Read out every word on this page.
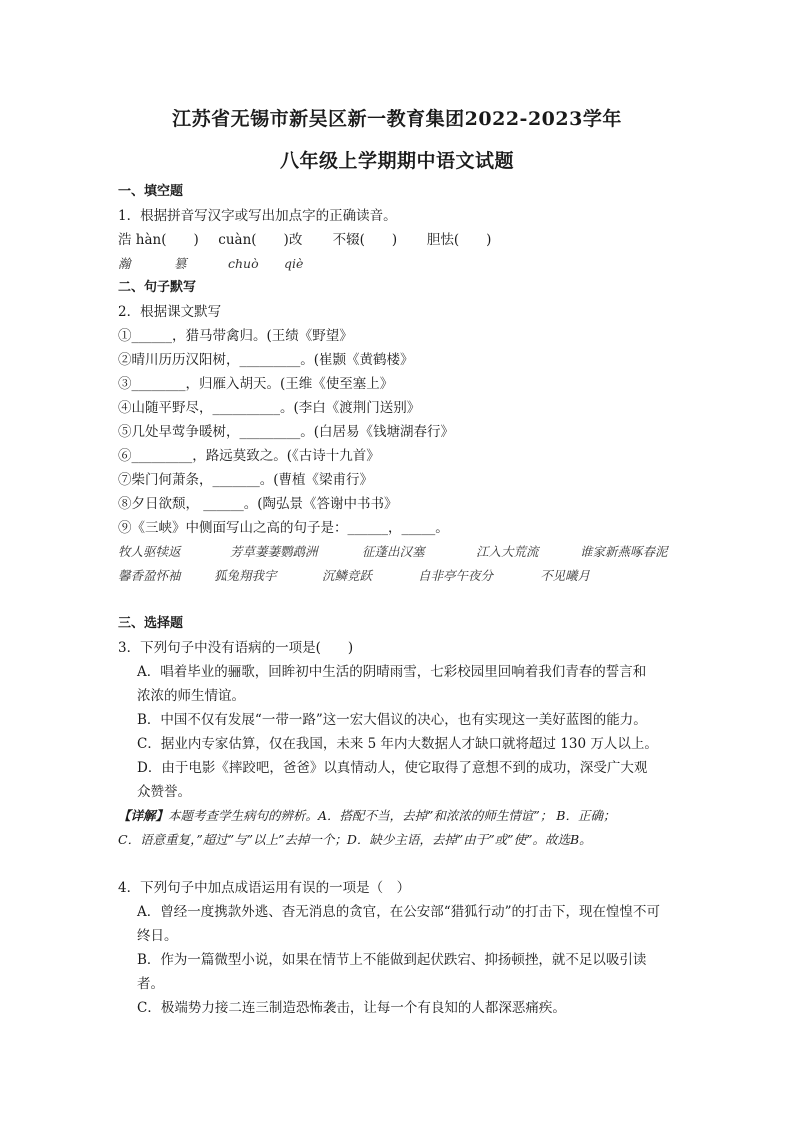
江苏省无锡市新吴区新一教育集团2022-2023学年
八年级上学期期中语文试题
一、填空题
1．根据拼音写汉字或写出加点字的正确读音。
浩 hàn(　　) cuàn(　　)改 不辍(　　) 胆怯(　　)
瀚	篡	chuò qiè
二、句子默写
2．根据课文默写
①______，猎马带禽归。(王绩《野望》
②晴川历历汉阳树，_________。(崔颢《黄鹤楼》
③________，归雁入胡天。(王维《使至塞上》
④山随平野尽，__________。(李白《渡荆门送别》
⑤几处早莺争暖树，_________。(白居易《钱塘湖春行》
⑥_________，路远莫致之。(《古诗十九首》
⑦柴门何萧条，_______。(曹植《梁甫行》
⑧夕日欲颓， ______。(陶弘景《答谢中书书》
⑨《三峡》中侧面写山之高的句子是：______，_____。
牧人驱犊返	芳草萋萋鹦鹉洲	征蓬出汉塞	江入大荒流	谁家新燕啄春泥
馨香盈怀袖	狐兔翔我宇	沉鳞竞跃	自非亭午夜分	不见曦月
三、选择题
3．下列句子中没有语病的一项是(　　)
A．唱着毕业的骊歌，回眸初中生活的阴晴雨雪，七彩校园里回响着我们青春的誓言和
浓浓的师生情谊。
B．中国不仅有发展“一带一路”这一宏大倡议的决心，也有实现这一美好蓝图的能力。
C．据业内专家估算，仅在我国，未来 5 年内大数据人才缺口就将超过 130 万人以上。
D．由于电影《摔跤吧，爸爸》以真情动人，使它取得了意想不到的成功，深受广大观
众赞誉。
【详解】本题考查学生病句的辨析。A．搭配不当，去掉”和浓浓的师生情谊”； B．正确；
C．语意重复，”超过”与”以上”去掉一个；D．缺少主语，去掉”由于”或”使”。故选B。
4．下列句子中加点成语运用有误的一项是（　）
A．曾经一度携款外逃、杳无消息的贪官，在公安部“猎狐行动”的打击下，现在惶惶不可
终日。
B．作为一篇微型小说，如果在情节上不能做到起伏跌宕、抑扬顿挫，就不足以吸引读
者。
C．极端势力接二连三制造恐怖袭击，让每一个有良知的人都深恶痛疾。
